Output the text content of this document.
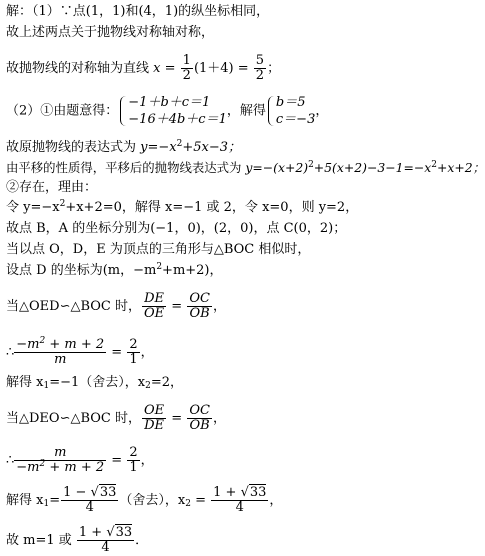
解：（1）∵点(1，1)和(4，1)的纵坐标相同，
故上述两点关于抛物线对称轴对称，
故抛物线的对称轴为直线 $x = \frac{1}{2} (1+4) = \frac{5}{2}$ ；
（2）①由题意得：
−1＋b＋c＝1
−16＋4b＋c＝1
，解得
b＝5
c＝−3
，
故原抛物线的表达式为 $y=-x^2+5x-3$；
由平移的性质得，平移后的抛物线表达式为 $y=-(x+2)^2+5(x+2)-3-1=-x^2+x+2$；
②存在，理由：
令 $y=-x^2+x+2=0$，解得 x=−1 或 2，令 x=0，则 y=2，
故点 B，A 的坐标分别为(−1，0)，(2，0)，点 C(0，2)；
当以点 O，D，E 为顶点的三角形与△BOC 相似时，
设点 D 的坐标为(m，$-m^2+m+2$)，
当△OED∽△BOC 时， $\frac{DE}{OE} = \frac{OC}{OB}$ ，
∴ $\frac{-m^2 + m + 2}{m} = \frac{2}{1}$ ，
解得 $x_1=-1$（舍去），$x_2=2$，
当△DEO∽△BOC 时， $\frac{OE}{DE} = \frac{OC}{OB}$ ，
∴ $\frac{m}{-m^2 + m + 2} = \frac{2}{1}$ ，
解得 $x_1= \frac{1 - √33}{4}$ （舍去），$x_2 = \frac{1 + √33}{4}$ ，
故 m=1 或 $\frac{1 + √33}{4}$ ．
